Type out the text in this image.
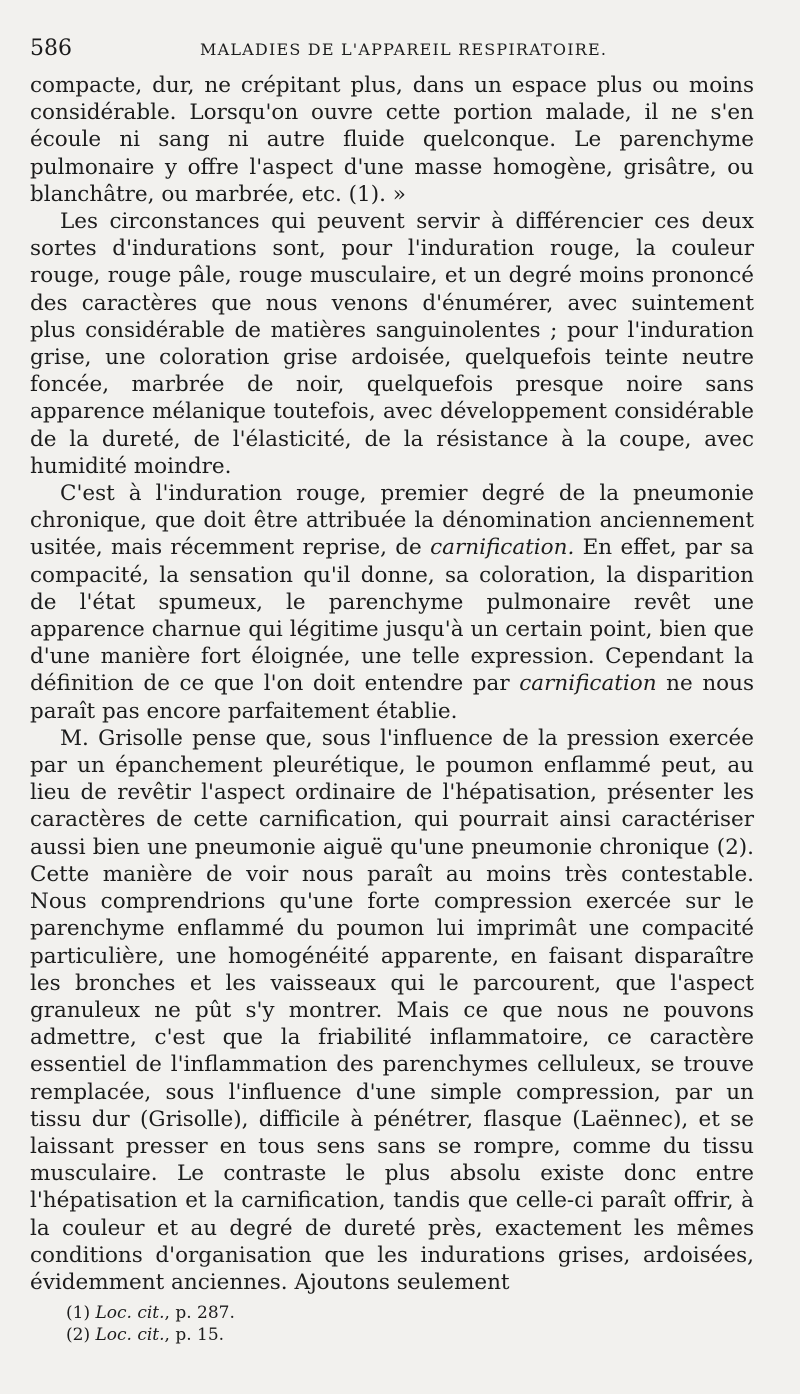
586	MALADIES DE L'APPAREIL RESPIRATOIRE.

compacte, dur, ne crépitant plus, dans un espace plus ou moins considérable. Lorsqu'on ouvre cette portion malade, il ne s'en écoule ni sang ni autre fluide quelconque. Le parenchyme pulmonaire y offre l'aspect d'une masse homogène, grisâtre, ou blanchâtre, ou marbrée, etc. (1). »

Les circonstances qui peuvent servir à différencier ces deux sortes d'indurations sont, pour l'induration rouge, la couleur rouge, rouge pâle, rouge musculaire, et un degré moins prononcé des caractères que nous venons d'énumérer, avec suintement plus considérable de matières sanguinolentes ; pour l'induration grise, une coloration grise ardoisée, quelquefois teinte neutre foncée, marbrée de noir, quelquefois presque noire sans apparence mélanique toutefois, avec développement considérable de la dureté, de l'élasticité, de la résistance à la coupe, avec humidité moindre.

C'est à l'induration rouge, premier degré de la pneumonie chronique, que doit être attribuée la dénomination anciennement usitée, mais récemment reprise, de carnification. En effet, par sa compacité, la sensation qu'il donne, sa coloration, la disparition de l'état spumeux, le parenchyme pulmonaire revêt une apparence charnue qui légitime jusqu'à un certain point, bien que d'une manière fort éloignée, une telle expression. Cependant la définition de ce que l'on doit entendre par carnification ne nous paraît pas encore parfaitement établie.

M. Grisolle pense que, sous l'influence de la pression exercée par un épanchement pleurétique, le poumon enflammé peut, au lieu de revêtir l'aspect ordinaire de l'hépatisation, présenter les caractères de cette carnification, qui pourrait ainsi caractériser aussi bien une pneumonie aiguë qu'une pneumonie chronique (2). Cette manière de voir nous paraît au moins très contestable. Nous comprendrions qu'une forte compression exercée sur le parenchyme enflammé du poumon lui imprimât une compacité particulière, une homogénéité apparente, en faisant disparaître les bronches et les vaisseaux qui le parcourent, que l'aspect granuleux ne pût s'y montrer. Mais ce que nous ne pouvons admettre, c'est que la friabilité inflammatoire, ce caractère essentiel de l'inflammation des parenchymes celluleux, se trouve remplacée, sous l'influence d'une simple compression, par un tissu dur (Grisolle), difficile à pénétrer, flasque (Laënnec), et se laissant presser en tous sens sans se rompre, comme du tissu musculaire. Le contraste le plus absolu existe donc entre l'hépatisation et la carnification, tandis que celle-ci paraît offrir, à la couleur et au degré de dureté près, exactement les mêmes conditions d'organisation que les indurations grises, ardoisées, évidemment anciennes. Ajoutons seulement

(1) Loc. cit., p. 287.
(2) Loc. cit., p. 15.
